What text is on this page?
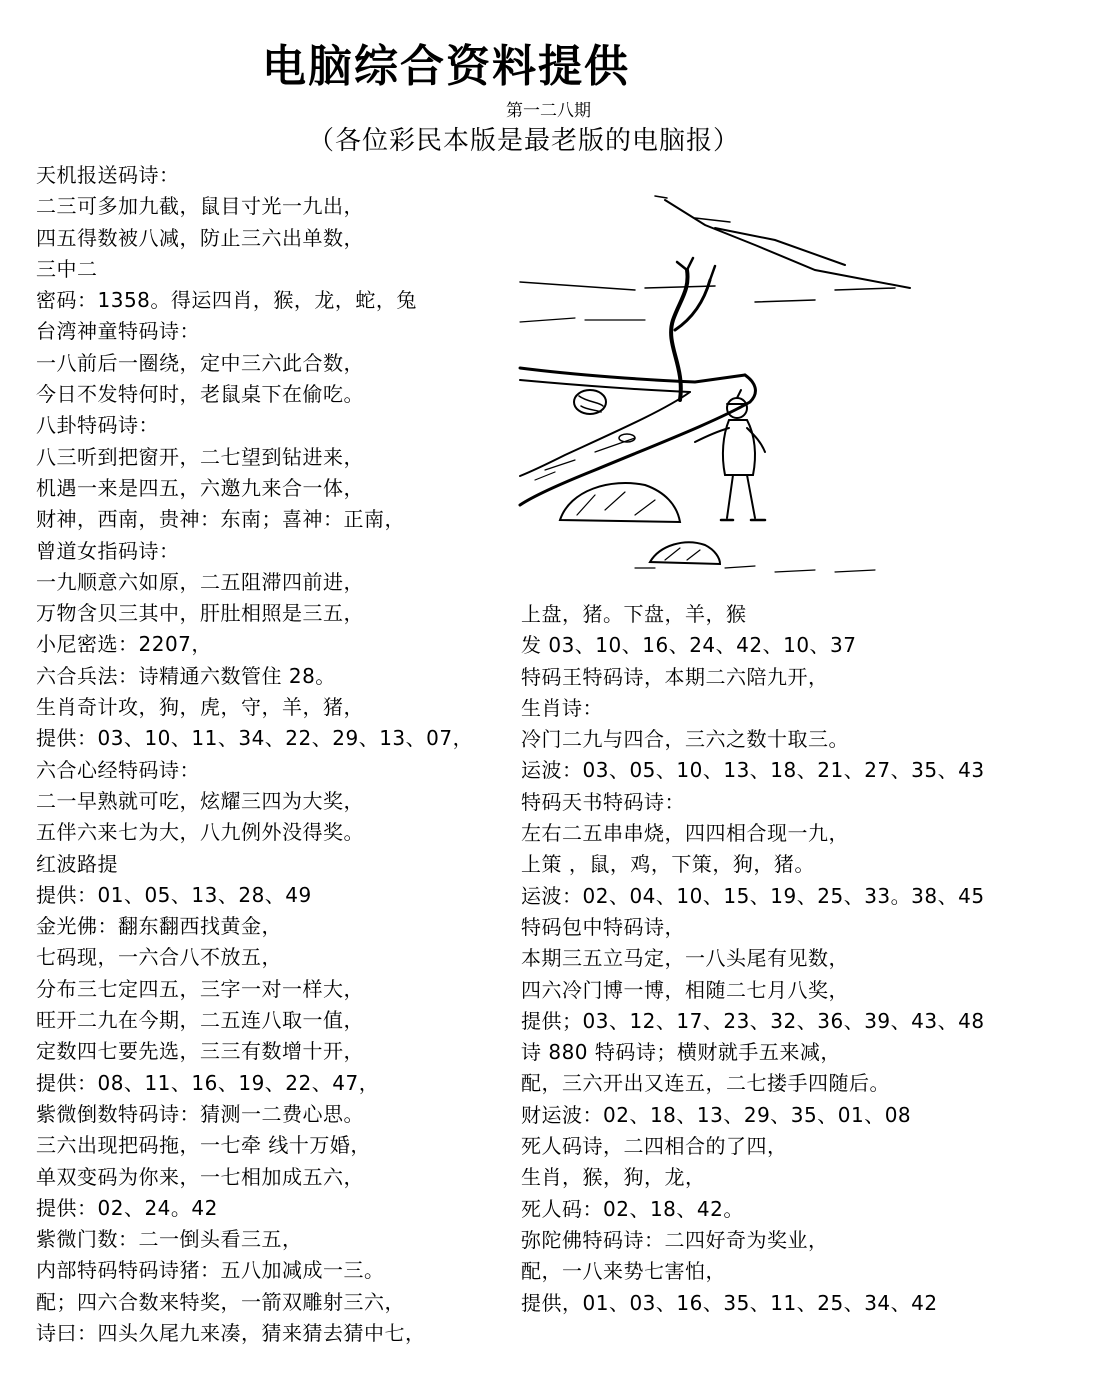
电脑综合资料提供
第一二八期
（各位彩民本版是最老版的电脑报）
天机报送码诗：
二三可多加九截，鼠目寸光一九出，
四五得数被八减，防止三六出单数，
三中二
密码：1358。得运四肖，猴，龙，蛇，兔
台湾神童特码诗：
一八前后一圈绕，定中三六此合数，
今日不发特何时，老鼠桌下在偷吃。
八卦特码诗：
八三听到把窗开，二七望到钻进来，
机遇一来是四五，六邀九来合一体，
财神，西南，贵神：东南；喜神：正南，
曾道女指码诗：
一九顺意六如原，二五阻滞四前进，
万物含贝三其中，肝肚相照是三五，
小尼密选：2207，
六合兵法：诗精通六数管住 28。
生肖奇计攻，狗，虎，守，羊，猪，
提供：03、10、11、34、22、29、13、07，
六合心经特码诗：
二一早熟就可吃，炫耀三四为大奖，
五伴六来七为大，八九例外没得奖。
红波路提
提供：01、05、13、28、49
金光佛：翻东翻西找黄金，
七码现，一六合八不放五，
分布三七定四五，三字一对一样大，
旺开二九在今期，二五连八取一值，
定数四七要先选，三三有数增十开，
提供：08、11、16、19、22、47，
紫微倒数特码诗：猜测一二费心思。
三六出现把码拖，一七牵 线十万婚，
单双变码为你来，一七相加成五六，
提供：02、24。42
紫微门数：二一倒头看三五，
内部特码特码诗猪：五八加减成一三。
配；四六合数来特奖，一箭双雕射三六，
诗曰：四头久尾九来凑，猜来猜去猜中七，
上盘，猪。下盘，羊，猴
发 03、10、16、24、42、10、37
特码王特码诗，本期二六陪九开，
生肖诗：
冷门二九与四合，三六之数十取三。
运波：03、05、10、13、18、21、27、35、43
特码天书特码诗：
左右二五串串烧，四四相合现一九，
上策 ，鼠，鸡，下策，狗，猪。
运波：02、04、10、15、19、25、33。38、45
特码包中特码诗，
本期三五立马定，一八头尾有见数，
四六冷门博一博，相随二七月八奖，
提供；03、12、17、23、32、36、39、43、48
诗 880 特码诗；横财就手五来减，
配，三六开出又连五，二七搂手四随后。
财运波：02、18、13、29、35、01、08
死人码诗，二四相合的了四，
生肖，猴，狗，龙，
死人码：02、18、42。
弥陀佛特码诗：二四好奇为奖业，
配，一八来势七害怕，
提供，01、03、16、35、11、25、34、42
